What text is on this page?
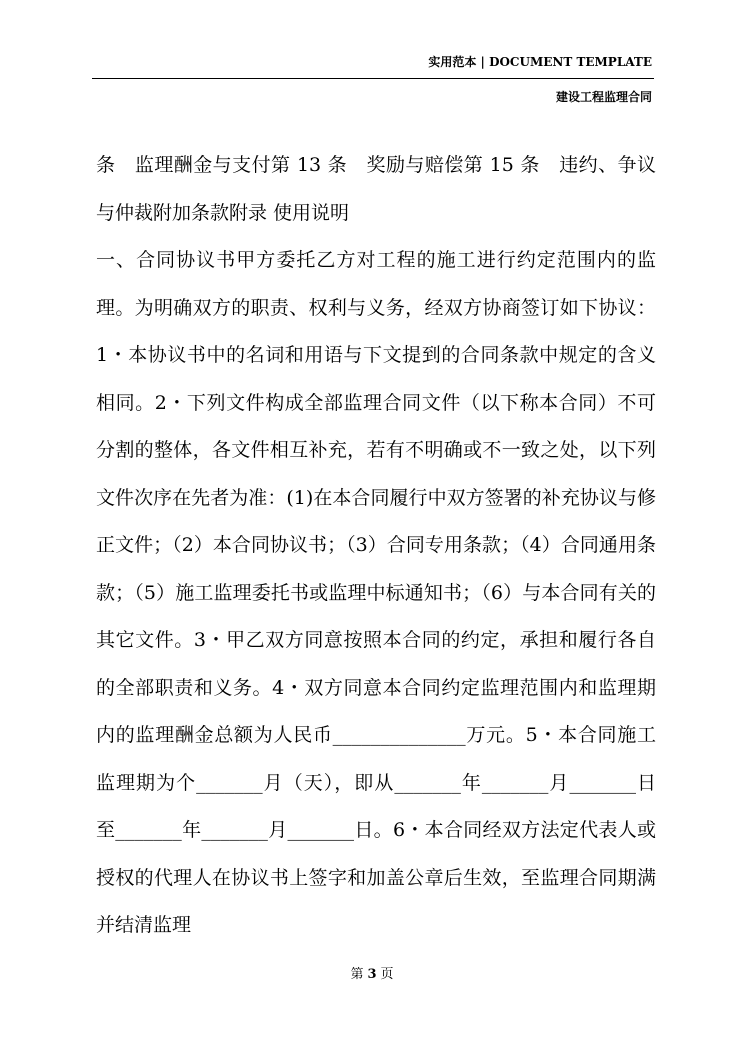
实用范本 | DOCUMENT TEMPLATE
建设工程监理合同

条　监理酬金与支付第 13 条　奖励与赔偿第 15 条　违约、争议与仲裁附加条款附录 使用说明

一、合同协议书甲方委托乙方对工程的施工进行约定范围内的监理。为明确双方的职责、权利与义务，经双方协商签订如下协议：1・本协议书中的名词和用语与下文提到的合同条款中规定的含义相同。2・下列文件构成全部监理合同文件（以下称本合同）不可分割的整体，各文件相互补充，若有不明确或不一致之处，以下列文件次序在先者为准：(1)在本合同履行中双方签署的补充协议与修正文件；（2）本合同协议书；（3）合同专用条款；（4）合同通用条款；（5）施工监理委托书或监理中标通知书；（6）与本合同有关的其它文件。3・甲乙双方同意按照本合同的约定，承担和履行各自的全部职责和义务。4・双方同意本合同约定监理范围内和监理期内的监理酬金总额为人民币______________万元。5・本合同施工监理期为个_______月（天），即从_______年_______月_______日至_______年_______月_______日。6・本合同经双方法定代表人或授权的代理人在协议书上签字和加盖公章后生效，至监理合同期满并结清监理

第 3 页
